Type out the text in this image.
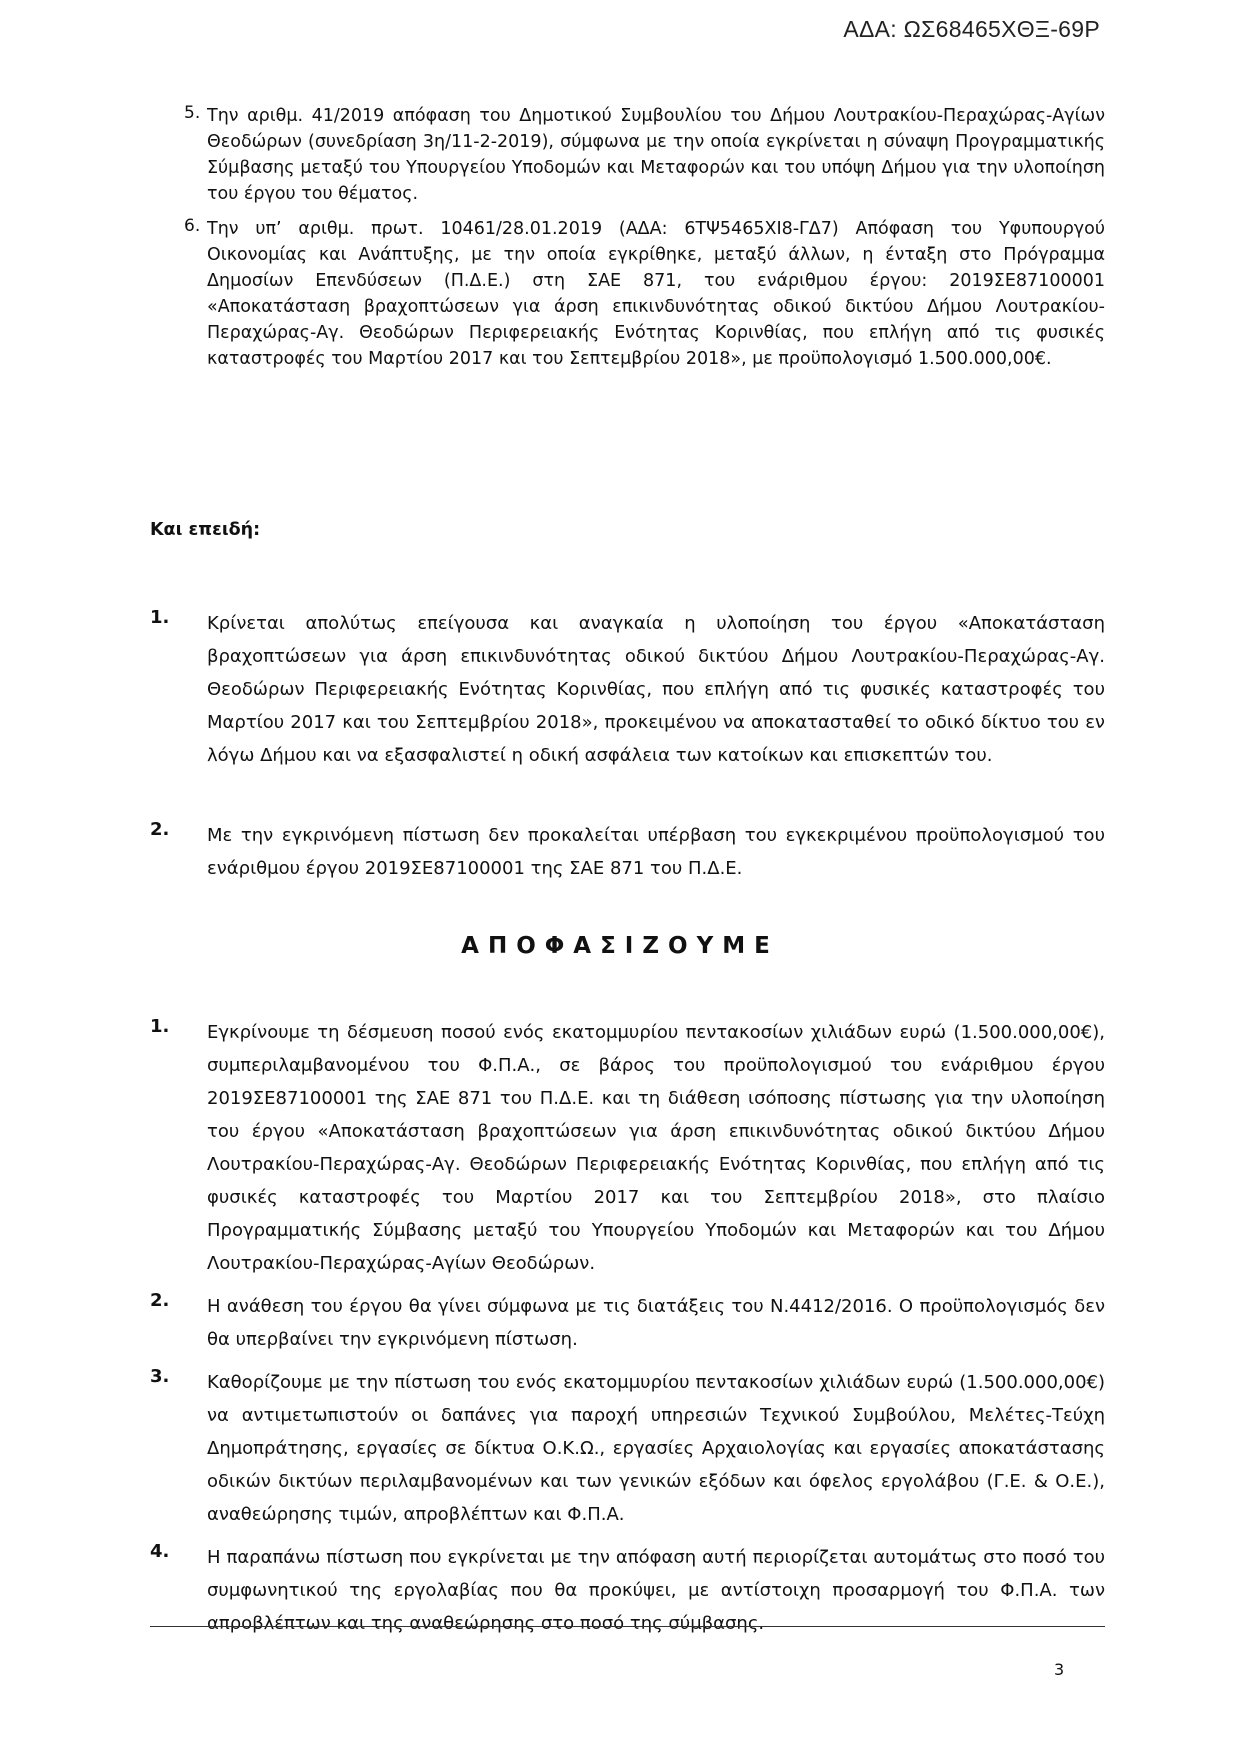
ΑΔΑ: ΩΣ68465ΧΘΞ-69Ρ
5. Την αριθμ. 41/2019 απόφαση του Δημοτικού Συμβουλίου του Δήμου Λουτρακίου-Περαχώρας-Αγίων Θεοδώρων (συνεδρίαση 3η/11-2-2019), σύμφωνα με την οποία εγκρίνεται η σύναψη Προγραμματικής Σύμβασης μεταξύ του Υπουργείου Υποδομών και Μεταφορών και του υπόψη Δήμου για την υλοποίηση του έργου του θέματος.
6. Την υπ’ αριθμ. πρωτ. 10461/28.01.2019 (ΑΔΑ: 6ΤΨ5465ΧΙ8-ΓΔ7) Απόφαση του Υφυπουργού Οικονομίας και Ανάπτυξης, με την οποία εγκρίθηκε, μεταξύ άλλων, η ένταξη στο Πρόγραμμα Δημοσίων Επενδύσεων (Π.Δ.Ε.) στη ΣΑΕ 871, του ενάριθμου έργου: 2019ΣΕ87100001 «Αποκατάσταση βραχοπτώσεων για άρση επικινδυνότητας οδικού δικτύου Δήμου Λουτρακίου-Περαχώρας-Αγ. Θεοδώρων Περιφερειακής Ενότητας Κορινθίας, που επλήγη από τις φυσικές καταστροφές του Μαρτίου 2017 και του Σεπτεμβρίου 2018», με προϋπολογισμό 1.500.000,00€.
Και επειδή:
1.	Κρίνεται απολύτως επείγουσα και αναγκαία η υλοποίηση του έργου «Αποκατάσταση βραχοπτώσεων για άρση επικινδυνότητας οδικού δικτύου Δήμου Λουτρακίου-Περαχώρας-Αγ. Θεοδώρων Περιφερειακής Ενότητας Κορινθίας, που επλήγη από τις φυσικές καταστροφές του Μαρτίου 2017 και του Σεπτεμβρίου 2018», προκειμένου να αποκατασταθεί το οδικό δίκτυο του εν λόγω Δήμου και να εξασφαλιστεί η οδική ασφάλεια των κατοίκων και επισκεπτών του.
2.	Με την εγκρινόμενη πίστωση δεν προκαλείται υπέρβαση του εγκεκριμένου προϋπολογισμού του ενάριθμου έργου 2019ΣΕ87100001 της ΣΑΕ 871 του Π.Δ.Ε.
ΑΠΟΦΑΣΙΖΟΥΜΕ
1.	Εγκρίνουμε τη δέσμευση ποσού ενός εκατομμυρίου πεντακοσίων χιλιάδων ευρώ (1.500.000,00€), συμπεριλαμβανομένου του Φ.Π.Α., σε βάρος του προϋπολογισμού του ενάριθμου έργου 2019ΣΕ87100001 της ΣΑΕ 871 του Π.Δ.Ε. και τη διάθεση ισόποσης πίστωσης για την υλοποίηση του έργου «Αποκατάσταση βραχοπτώσεων για άρση επικινδυνότητας οδικού δικτύου Δήμου Λουτρακίου-Περαχώρας-Αγ. Θεοδώρων Περιφερειακής Ενότητας Κορινθίας, που επλήγη από τις φυσικές καταστροφές του Μαρτίου 2017 και του Σεπτεμβρίου 2018», στο πλαίσιο Προγραμματικής Σύμβασης μεταξύ του Υπουργείου Υποδομών και Μεταφορών και του Δήμου Λουτρακίου-Περαχώρας-Αγίων Θεοδώρων.
2.	Η ανάθεση του έργου θα γίνει σύμφωνα με τις διατάξεις του Ν.4412/2016. Ο προϋπολογισμός δεν θα υπερβαίνει την εγκρινόμενη πίστωση.
3.	Καθορίζουμε με την πίστωση του ενός εκατομμυρίου πεντακοσίων χιλιάδων ευρώ (1.500.000,00€) να αντιμετωπιστούν οι δαπάνες για παροχή υπηρεσιών Τεχνικού Συμβούλου, Μελέτες-Τεύχη Δημοπράτησης, εργασίες σε δίκτυα Ο.Κ.Ω., εργασίες Αρχαιολογίας και εργασίες αποκατάστασης οδικών δικτύων περιλαμβανομένων και των γενικών εξόδων και όφελος εργολάβου (Γ.Ε. & Ο.Ε.), αναθεώρησης τιμών, απροβλέπτων και Φ.Π.Α.
4.	Η παραπάνω πίστωση που εγκρίνεται με την απόφαση αυτή περιορίζεται αυτομάτως στο ποσό του συμφωνητικού της εργολαβίας που θα προκύψει, με αντίστοιχη προσαρμογή του Φ.Π.Α. των απροβλέπτων και της αναθεώρησης στο ποσό της σύμβασης.
3
